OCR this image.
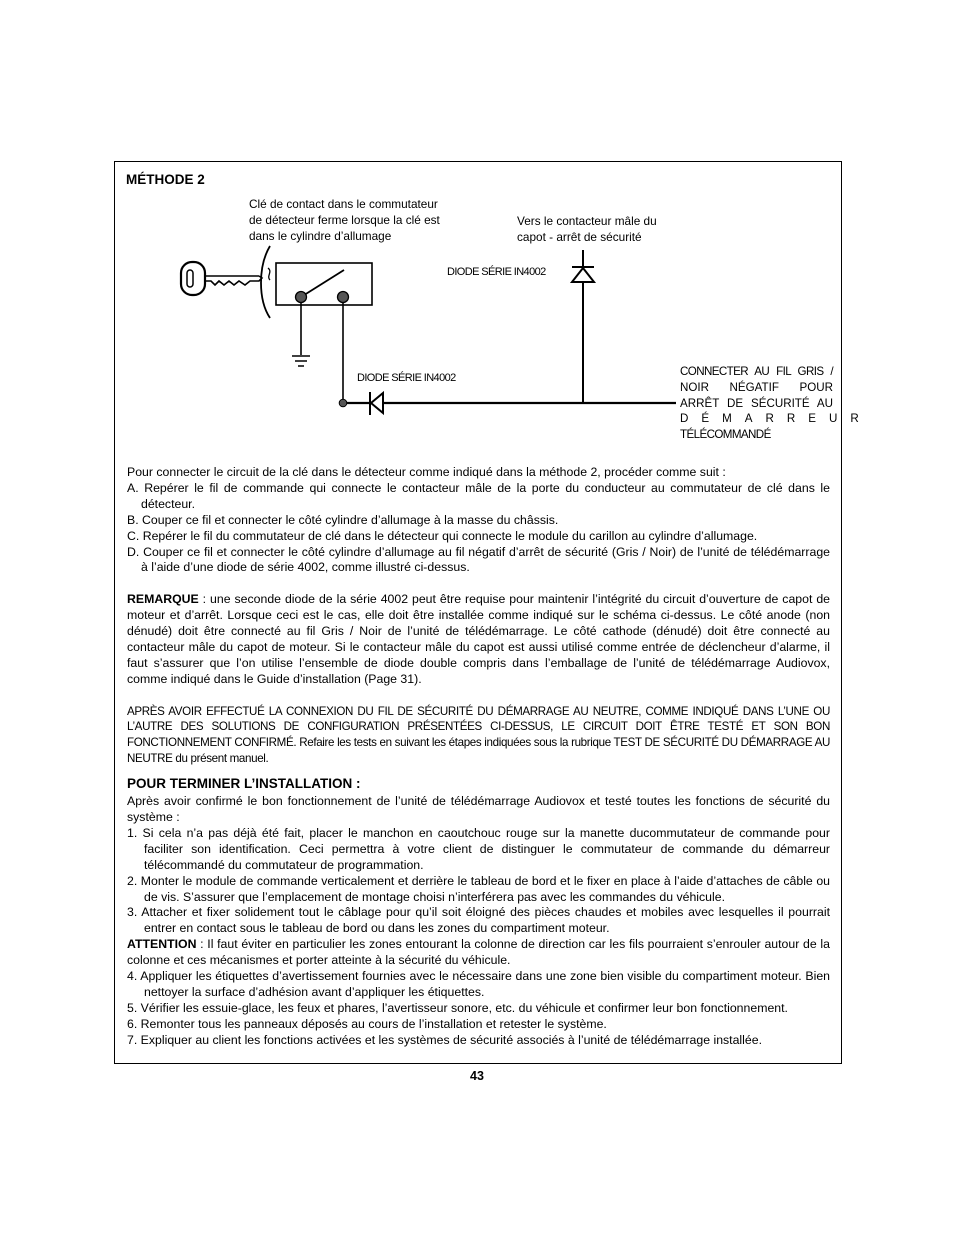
MÉTHODE 2
Clé de contact dans le commutateur
de détecteur ferme lorsque la clé est
dans le cylindre d’allumage
Vers le contacteur mâle du
capot - arrêt de sécurité
DIODE SÉRIE IN4002
DIODE SÉRIE IN4002	CONNECTER AU FIL GRIS /
NOIR NÉGATIF POUR
ARRÊT DE SÉCURITÉ AU
DÉMARREUR
TÉLÉCOMMANDÉ

Pour connecter le circuit de la clé dans le détecteur comme indiqué dans la méthode 2, procéder comme suit :

A. Repérer le fil de commande qui connecte le contacteur mâle de la porte du conducteur au commutateur de clé dans le détecteur.

B. Couper ce fil et connecter le côté cylindre d’allumage à la masse du châssis.

C. Repérer le fil du commutateur de clé dans le détecteur qui connecte le module du carillon au cylindre d’allumage.

D. Couper ce fil et connecter le côté cylindre d’allumage au fil négatif d’arrêt de sécurité (Gris / Noir) de l’unité de télédémarrage à l’aide d’une diode de série 4002, comme illustré ci-dessus.

REMARQUE : une seconde diode de la série 4002 peut être requise pour maintenir l’intégrité du circuit d’ouverture de capot de moteur et d’arrêt. Lorsque ceci est le cas, elle doit être installée comme indiqué sur le schéma ci-dessus. Le côté anode (non dénudé) doit être connecté au fil Gris / Noir de l’unité de télédémarrage. Le côté cathode (dénudé) doit être connecté au contacteur mâle du capot de moteur. Si le contacteur mâle du capot est aussi utilisé comme entrée de déclencheur d’alarme, il faut s’assurer que l’on utilise l’ensemble de diode double compris dans l’emballage de l’unité de télédémarrage Audiovox, comme indiqué dans le Guide d’installation (Page 31).

APRÈS AVOIR EFFECTUÉ LA CONNEXION DU FIL DE SÉCURITÉ DU DÉMARRAGE AU NEUTRE, COMME INDIQUÉ DANS L’UNE OU L’AUTRE DES SOLUTIONS DE CONFIGURATION PRÉSENTÉES CI-DESSUS, LE CIRCUIT DOIT ÊTRE TESTÉ ET SON BON FONCTIONNEMENT CONFIRMÉ. Refaire les tests en suivant les étapes indiquées sous la rubrique TEST DE SÉCURITÉ DU DÉMARRAGE AU NEUTRE du présent manuel.

POUR TERMINER L’INSTALLATION :

Après avoir confirmé le bon fonctionnement de l’unité de télédémarrage Audiovox et testé toutes les fonctions de sécurité du système :

1. Si cela n’a pas déjà été fait, placer le manchon en caoutchouc rouge sur la manette ducommutateur de commande pour faciliter son identification. Ceci permettra à votre client de distinguer le commutateur de commande du démarreur télécommandé du commutateur de programmation.

2. Monter le module de commande verticalement et derrière le tableau de bord et le fixer en place à l’aide d’attaches de câble ou de vis. S’assurer que l’emplacement de montage choisi n’interférera pas avec les commandes du véhicule.

3. Attacher et fixer solidement tout le câblage pour qu’il soit éloigné des pièces chaudes et mobiles avec lesquelles il pourrait entrer en contact sous le tableau de bord ou dans les zones du compartiment moteur.

ATTENTION : Il faut éviter en particulier les zones entourant la colonne de direction car les fils pourraient s’enrouler autour de la colonne et ces mécanismes et porter atteinte à la sécurité du véhicule.

4. Appliquer les étiquettes d’avertissement fournies avec le nécessaire dans une zone bien visible du compartiment moteur. Bien nettoyer la surface d’adhésion avant d’appliquer les étiquettes.

5. Vérifier les essuie-glace, les feux et phares, l’avertisseur sonore, etc. du véhicule et confirmer leur bon fonctionnement.

6. Remonter tous les panneaux déposés au cours de l’installation et retester le système.

7. Expliquer au client les fonctions activées et les systèmes de sécurité associés à l’unité de télédémarrage installée.

43
